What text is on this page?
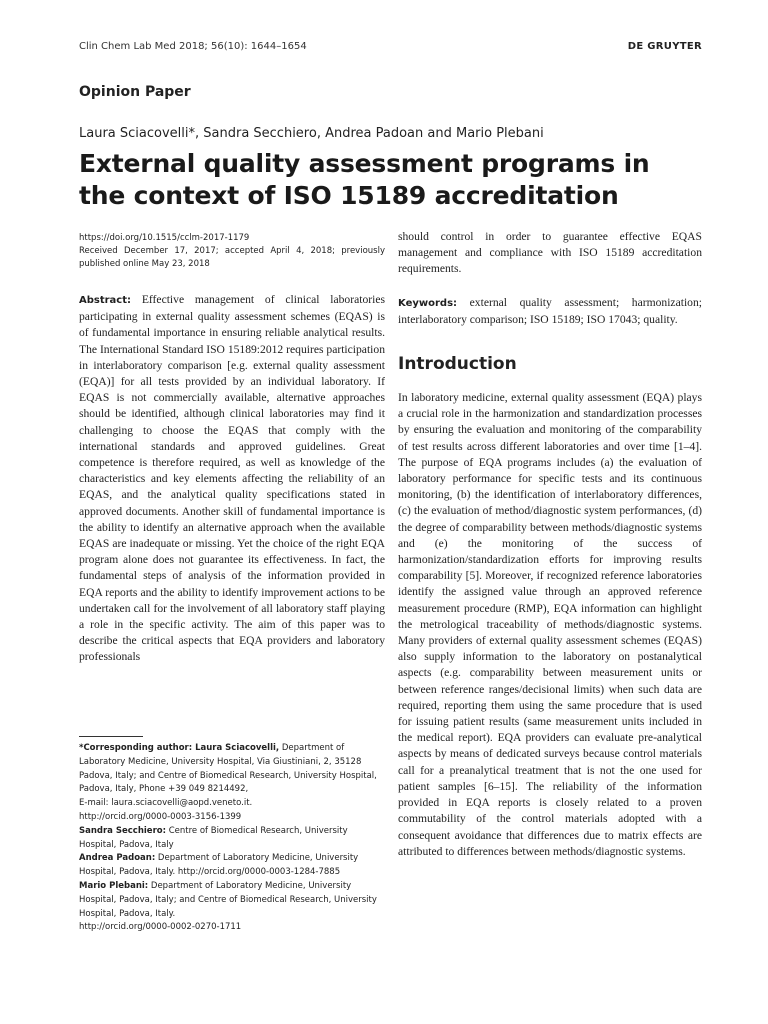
Clin Chem Lab Med 2018; 56(10): 1644–1654	DE GRUYTER
Opinion Paper
Laura Sciacovelli*, Sandra Secchiero, Andrea Padoan and Mario Plebani
External quality assessment programs in the context of ISO 15189 accreditation

https://doi.org/10.1515/cclm-2017-1179

Received December 17, 2017; accepted April 4, 2018; previously published online May 23, 2018

Abstract: Effective management of clinical laboratories participating in external quality assessment schemes (EQAS) is of fundamental importance in ensuring reliable analytical results. The International Standard ISO 15189:2012 requires participation in interlaboratory comparison [e.g. external quality assessment (EQA)] for all tests provided by an individual laboratory. If EQAS is not commercially available, alternative approaches should be identified, although clinical laboratories may find it challenging to choose the EQAS that comply with the international standards and approved guidelines. Great competence is therefore required, as well as knowledge of the characteristics and key elements affecting the reliability of an EQAS, and the analytical quality specifications stated in approved documents. Another skill of fundamental importance is the ability to identify an alternative approach when the available EQAS are inadequate or missing. Yet the choice of the right EQA program alone does not guarantee its effectiveness. In fact, the fundamental steps of analysis of the information provided in EQA reports and the ability to identify improvement actions to be undertaken call for the involvement of all laboratory staff playing a role in the specific activity. The aim of this paper was to describe the critical aspects that EQA providers and laboratory professionals

*Corresponding author: Laura Sciacovelli, Department of Laboratory Medicine, University Hospital, Via Giustiniani, 2, 35128 Padova, Italy; and Centre of Biomedical Research, University Hospital, Padova, Italy, Phone +39 049 8214492,

E-mail: laura.sciacovelli@aopd.veneto.it.

http://orcid.org/0000-0003-3156-1399

Sandra Secchiero: Centre of Biomedical Research, University Hospital, Padova, Italy

Andrea Padoan: Department of Laboratory Medicine, University Hospital, Padova, Italy. http://orcid.org/0000-0003-1284-7885

Mario Plebani: Department of Laboratory Medicine, University Hospital, Padova, Italy; and Centre of Biomedical Research, University Hospital, Padova, Italy.

http://orcid.org/0000-0002-0270-1711

should control in order to guarantee effective EQAS management and compliance with ISO 15189 accreditation requirements.

Keywords: external quality assessment; harmonization; interlaboratory comparison; ISO 15189; ISO 17043; quality.

Introduction

In laboratory medicine, external quality assessment (EQA) plays a crucial role in the harmonization and standardization processes by ensuring the evaluation and monitoring of the comparability of test results across different laboratories and over time [1–4]. The purpose of EQA programs includes (a) the evaluation of laboratory performance for specific tests and its continuous monitoring, (b) the identification of interlaboratory differences, (c) the evaluation of method/diagnostic system performances, (d) the degree of comparability between methods/diagnostic systems and (e) the monitoring of the success of harmonization/standardization efforts for improving results comparability [5]. Moreover, if recognized reference laboratories identify the assigned value through an approved reference measurement procedure (RMP), EQA information can highlight the metrological traceability of methods/diagnostic systems. Many providers of external quality assessment schemes (EQAS) also supply information to the laboratory on postanalytical aspects (e.g. comparability between measurement units or between reference ranges/decisional limits) when such data are required, reporting them using the same procedure that is used for issuing patient results (same measurement units included in the medical report). EQA providers can evaluate pre-analytical aspects by means of dedicated surveys because control materials call for a preanalytical treatment that is not the one used for patient samples [6–15]. The reliability of the information provided in EQA reports is closely related to a proven commutability of the control materials adopted with a consequent avoidance that differences due to matrix effects are attributed to differences between methods/diagnostic systems.
